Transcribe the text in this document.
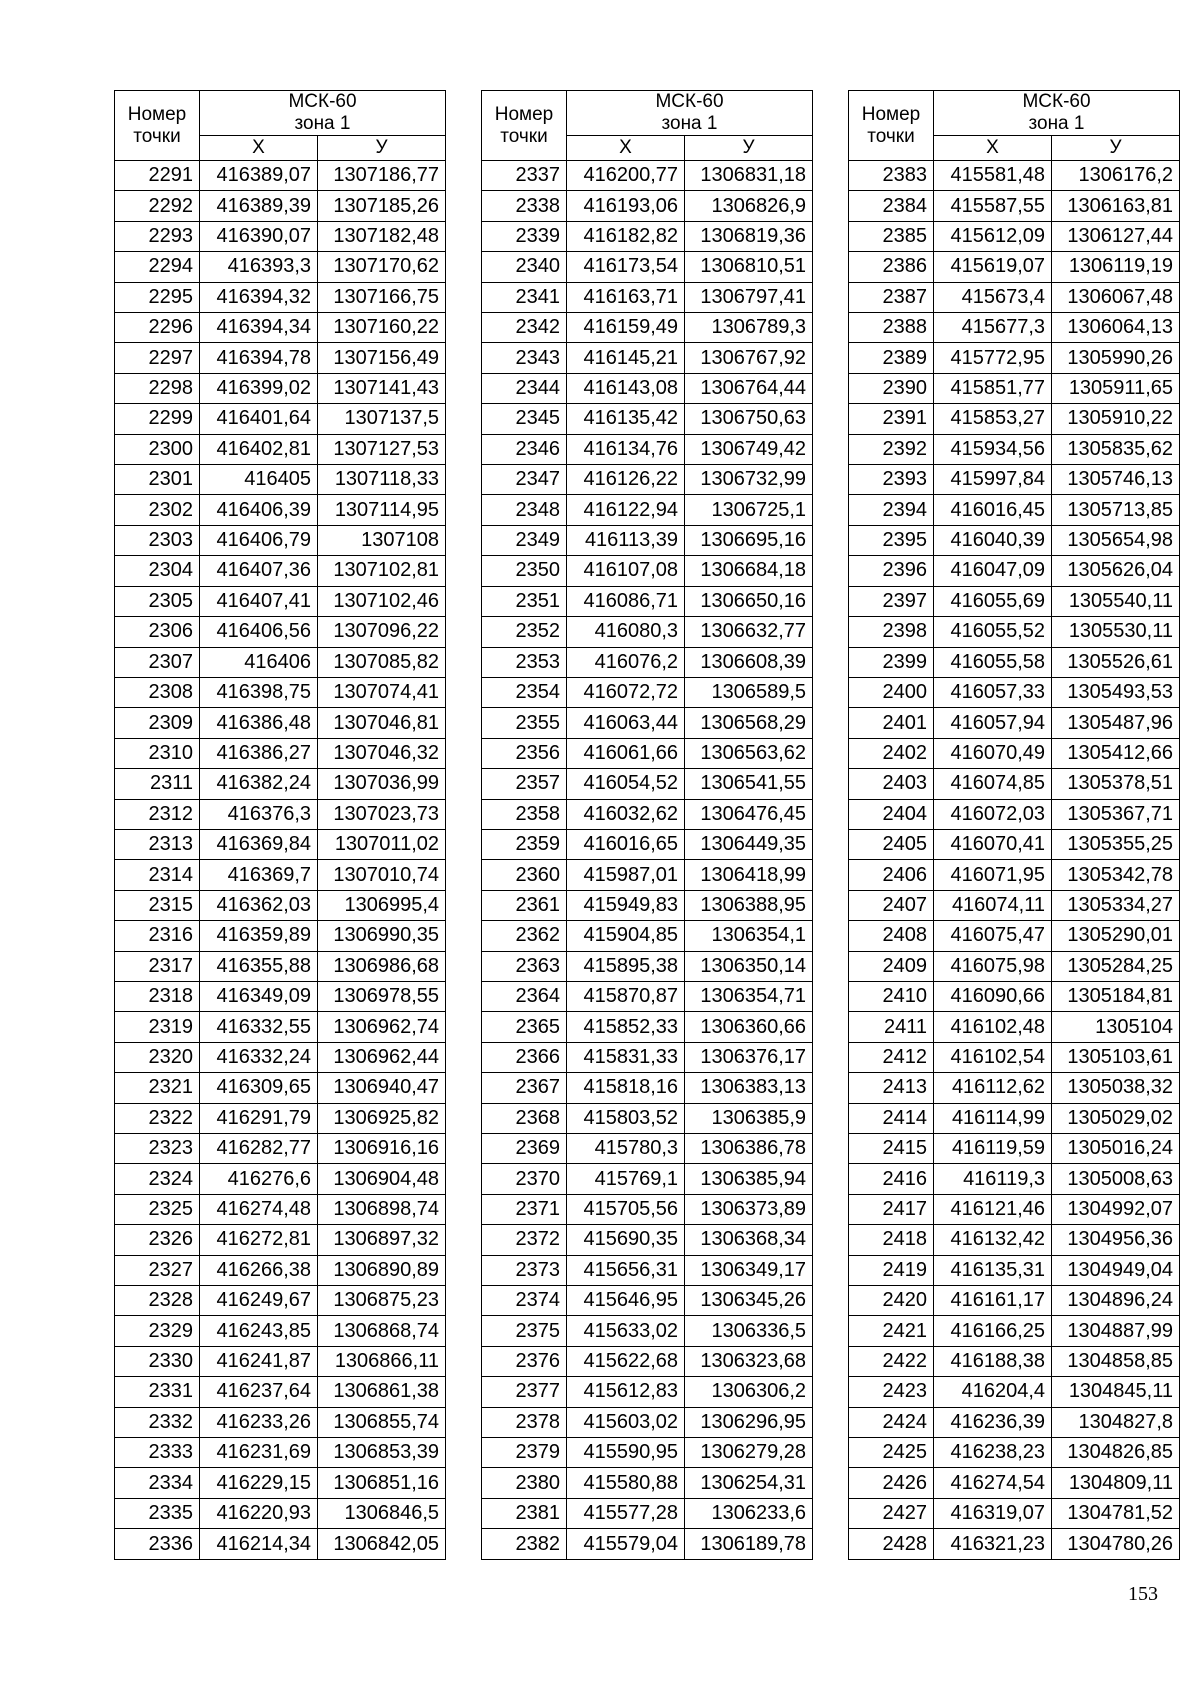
Номер
точки	МСК-60
зона 1	
	Х	У
2291	416389,07	1307186,77
2292	416389,39	1307185,26
2293	416390,07	1307182,48
2294	416393,3	1307170,62
2295	416394,32	1307166,75
2296	416394,34	1307160,22
2297	416394,78	1307156,49
2298	416399,02	1307141,43
2299	416401,64	1307137,5
2300	416402,81	1307127,53
2301	416405	1307118,33
2302	416406,39	1307114,95
2303	416406,79	1307108
2304	416407,36	1307102,81
2305	416407,41	1307102,46
2306	416406,56	1307096,22
2307	416406	1307085,82
2308	416398,75	1307074,41
2309	416386,48	1307046,81
2310	416386,27	1307046,32
2311	416382,24	1307036,99
2312	416376,3	1307023,73
2313	416369,84	1307011,02
2314	416369,7	1307010,74
2315	416362,03	1306995,4
2316	416359,89	1306990,35
2317	416355,88	1306986,68
2318	416349,09	1306978,55
2319	416332,55	1306962,74
2320	416332,24	1306962,44
2321	416309,65	1306940,47
2322	416291,79	1306925,82
2323	416282,77	1306916,16
2324	416276,6	1306904,48
2325	416274,48	1306898,74
2326	416272,81	1306897,32
2327	416266,38	1306890,89
2328	416249,67	1306875,23
2329	416243,85	1306868,74
2330	416241,87	1306866,11
2331	416237,64	1306861,38
2332	416233,26	1306855,74
2333	416231,69	1306853,39
2334	416229,15	1306851,16
2335	416220,93	1306846,5
2336	416214,34	1306842,05
Номер
точки	МСК-60
зона 1	
	Х	У
2337	416200,77	1306831,18
2338	416193,06	1306826,9
2339	416182,82	1306819,36
2340	416173,54	1306810,51
2341	416163,71	1306797,41
2342	416159,49	1306789,3
2343	416145,21	1306767,92
2344	416143,08	1306764,44
2345	416135,42	1306750,63
2346	416134,76	1306749,42
2347	416126,22	1306732,99
2348	416122,94	1306725,1
2349	416113,39	1306695,16
2350	416107,08	1306684,18
2351	416086,71	1306650,16
2352	416080,3	1306632,77
2353	416076,2	1306608,39
2354	416072,72	1306589,5
2355	416063,44	1306568,29
2356	416061,66	1306563,62
2357	416054,52	1306541,55
2358	416032,62	1306476,45
2359	416016,65	1306449,35
2360	415987,01	1306418,99
2361	415949,83	1306388,95
2362	415904,85	1306354,1
2363	415895,38	1306350,14
2364	415870,87	1306354,71
2365	415852,33	1306360,66
2366	415831,33	1306376,17
2367	415818,16	1306383,13
2368	415803,52	1306385,9
2369	415780,3	1306386,78
2370	415769,1	1306385,94
2371	415705,56	1306373,89
2372	415690,35	1306368,34
2373	415656,31	1306349,17
2374	415646,95	1306345,26
2375	415633,02	1306336,5
2376	415622,68	1306323,68
2377	415612,83	1306306,2
2378	415603,02	1306296,95
2379	415590,95	1306279,28
2380	415580,88	1306254,31
2381	415577,28	1306233,6
2382	415579,04	1306189,78
Номер
точки	МСК-60
зона 1	
	Х	У
2383	415581,48	1306176,2
2384	415587,55	1306163,81
2385	415612,09	1306127,44
2386	415619,07	1306119,19
2387	415673,4	1306067,48
2388	415677,3	1306064,13
2389	415772,95	1305990,26
2390	415851,77	1305911,65
2391	415853,27	1305910,22
2392	415934,56	1305835,62
2393	415997,84	1305746,13
2394	416016,45	1305713,85
2395	416040,39	1305654,98
2396	416047,09	1305626,04
2397	416055,69	1305540,11
2398	416055,52	1305530,11
2399	416055,58	1305526,61
2400	416057,33	1305493,53
2401	416057,94	1305487,96
2402	416070,49	1305412,66
2403	416074,85	1305378,51
2404	416072,03	1305367,71
2405	416070,41	1305355,25
2406	416071,95	1305342,78
2407	416074,11	1305334,27
2408	416075,47	1305290,01
2409	416075,98	1305284,25
2410	416090,66	1305184,81
2411	416102,48	1305104
2412	416102,54	1305103,61
2413	416112,62	1305038,32
2414	416114,99	1305029,02
2415	416119,59	1305016,24
2416	416119,3	1305008,63
2417	416121,46	1304992,07
2418	416132,42	1304956,36
2419	416135,31	1304949,04
2420	416161,17	1304896,24
2421	416166,25	1304887,99
2422	416188,38	1304858,85
2423	416204,4	1304845,11
2424	416236,39	1304827,8
2425	416238,23	1304826,85
2426	416274,54	1304809,11
2427	416319,07	1304781,52
2428	416321,23	1304780,26
153
